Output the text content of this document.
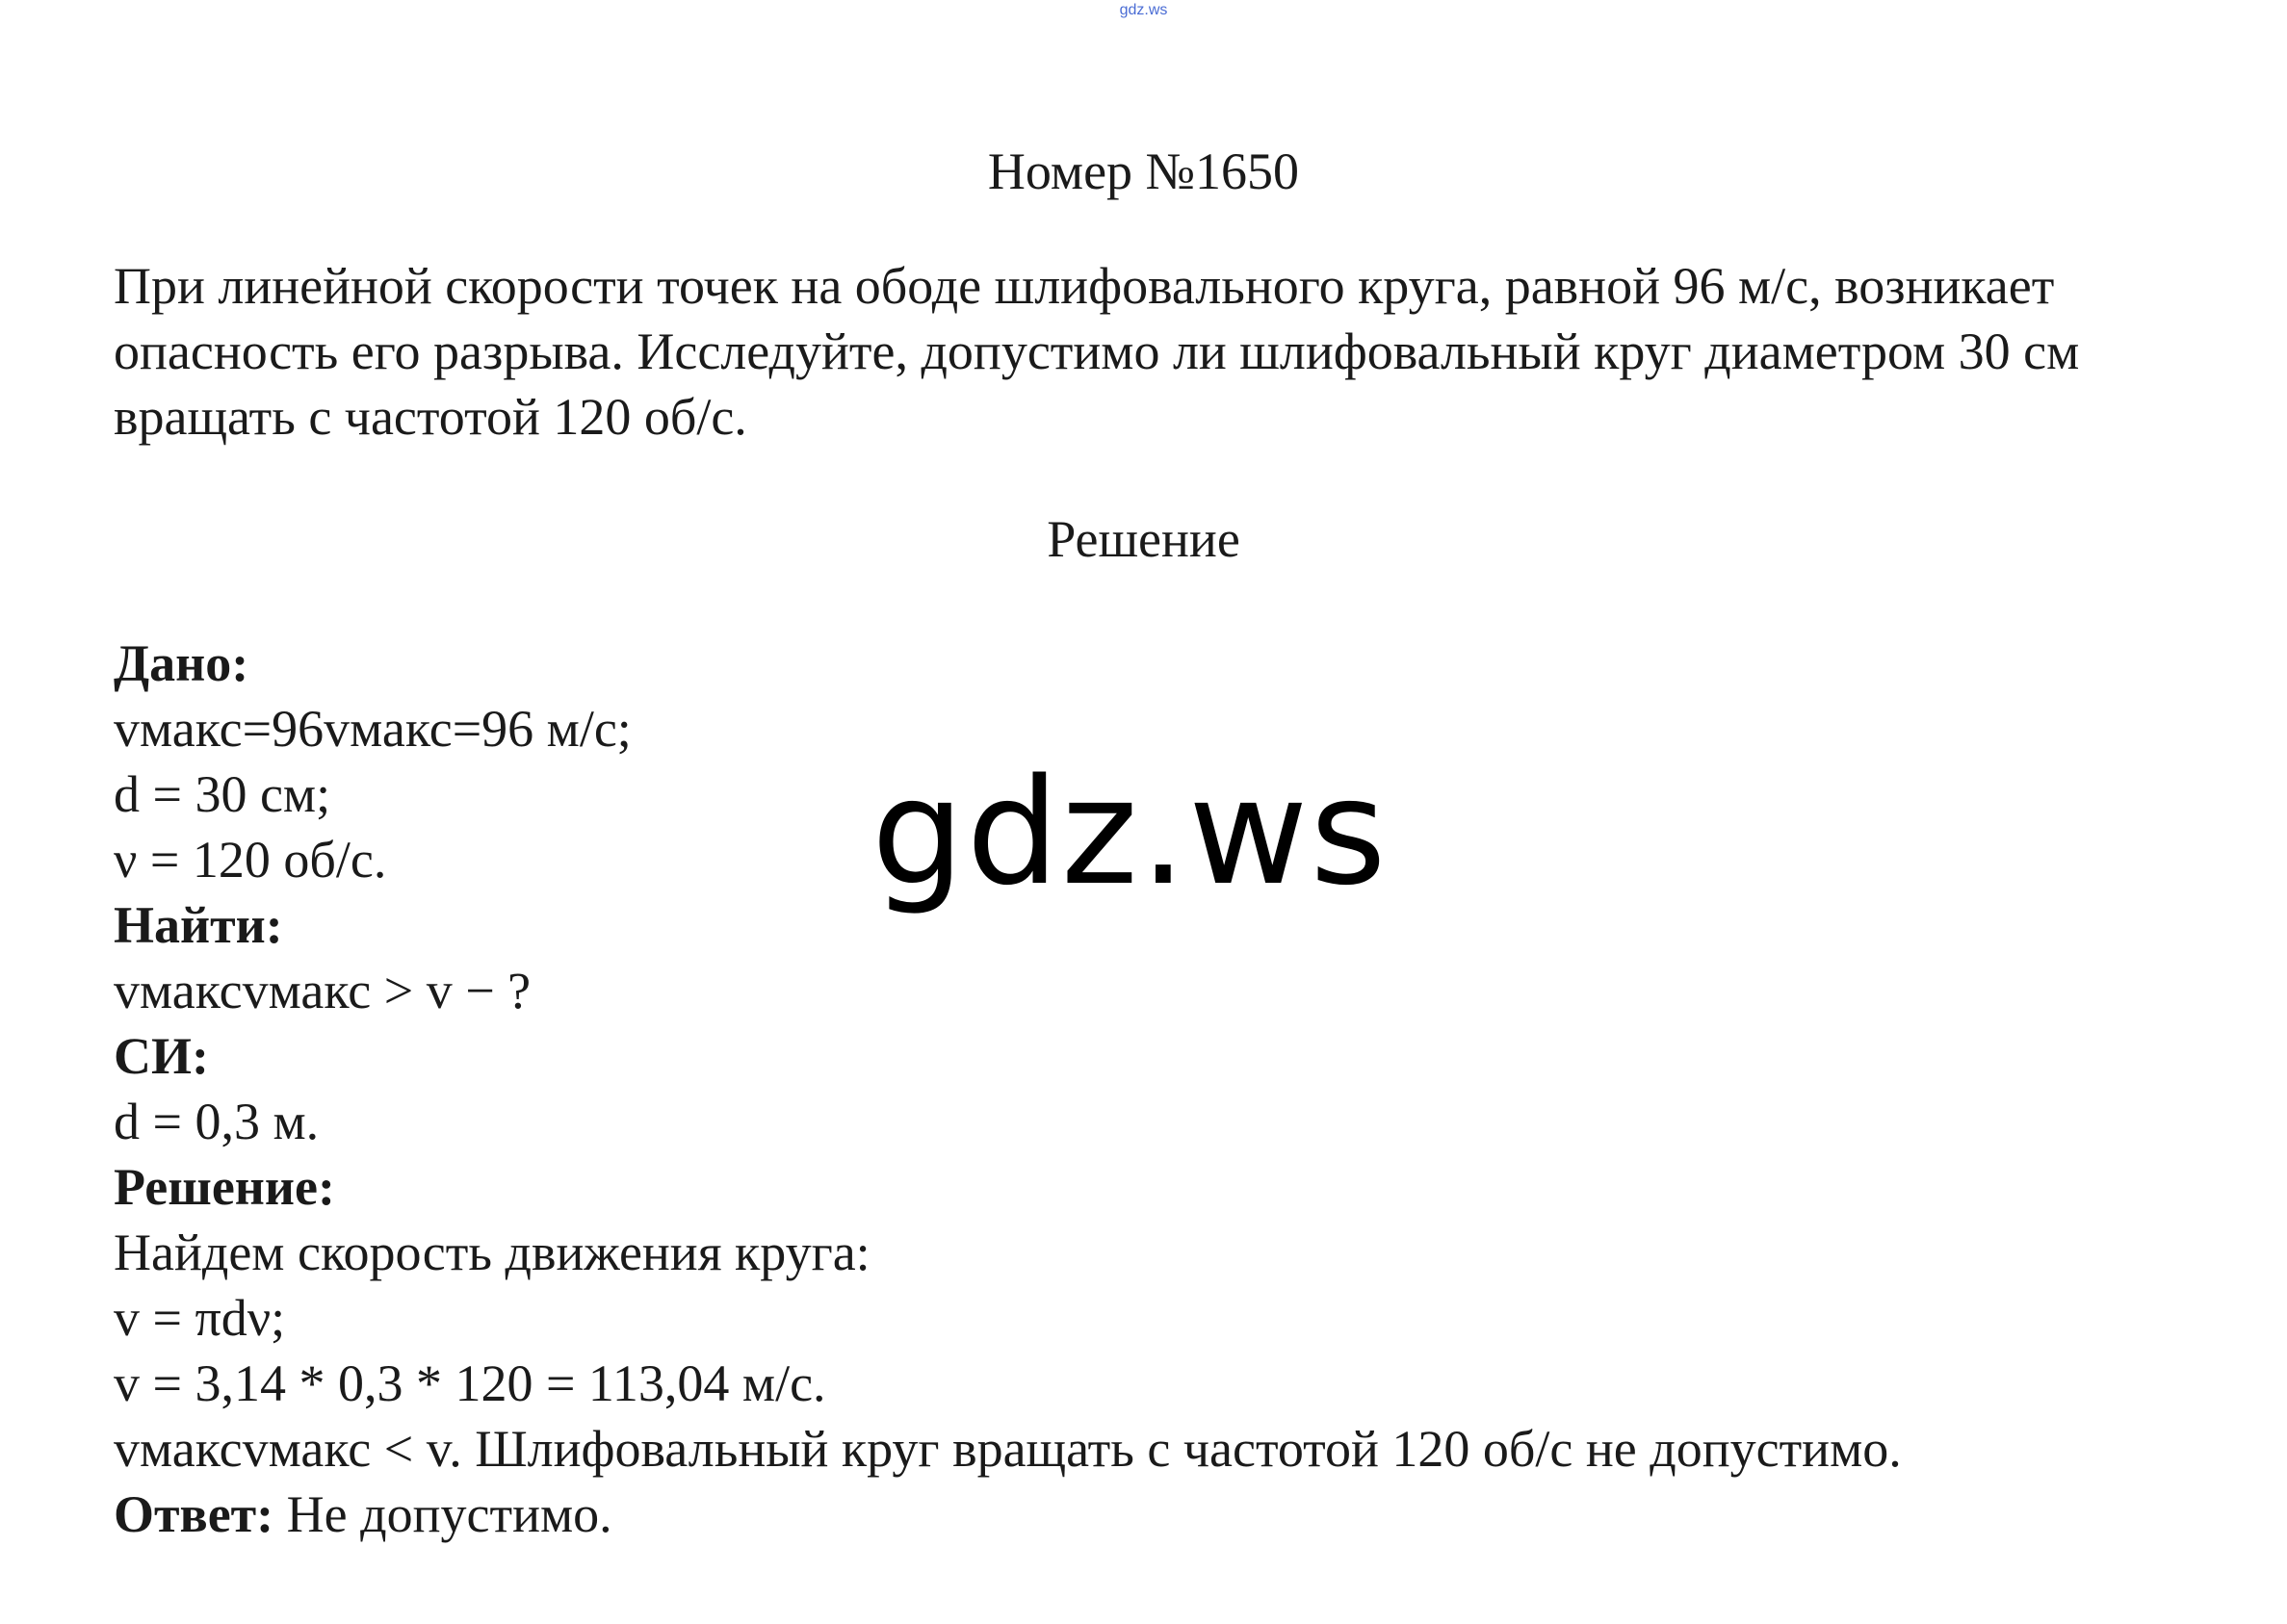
gdz.ws
Номер №1650
При линейной скорости точек на ободе шлифовального круга, равной 96 м/с, возникает опасность его разрыва. Исследуйте, допустимо ли шлифовальный круг диаметром 30 см вращать с частотой 120 об/с.
Решение
Дано:
vмакс=96vмакс=96 м/с;
d = 30 см;
ν = 120 об/с.
Найти:
vмаксvмакс > v − ?
СИ:
d = 0,3 м.
Решение:
Найдем скорость движения круга:
v = πdν;
v = 3,14 * 0,3 * 120 = 113,04 м/с.
vмаксvмакс < v. Шлифовальный круг вращать с частотой 120 об/с не допустимо.
Ответ: Не допустимо.
gdz.ws
